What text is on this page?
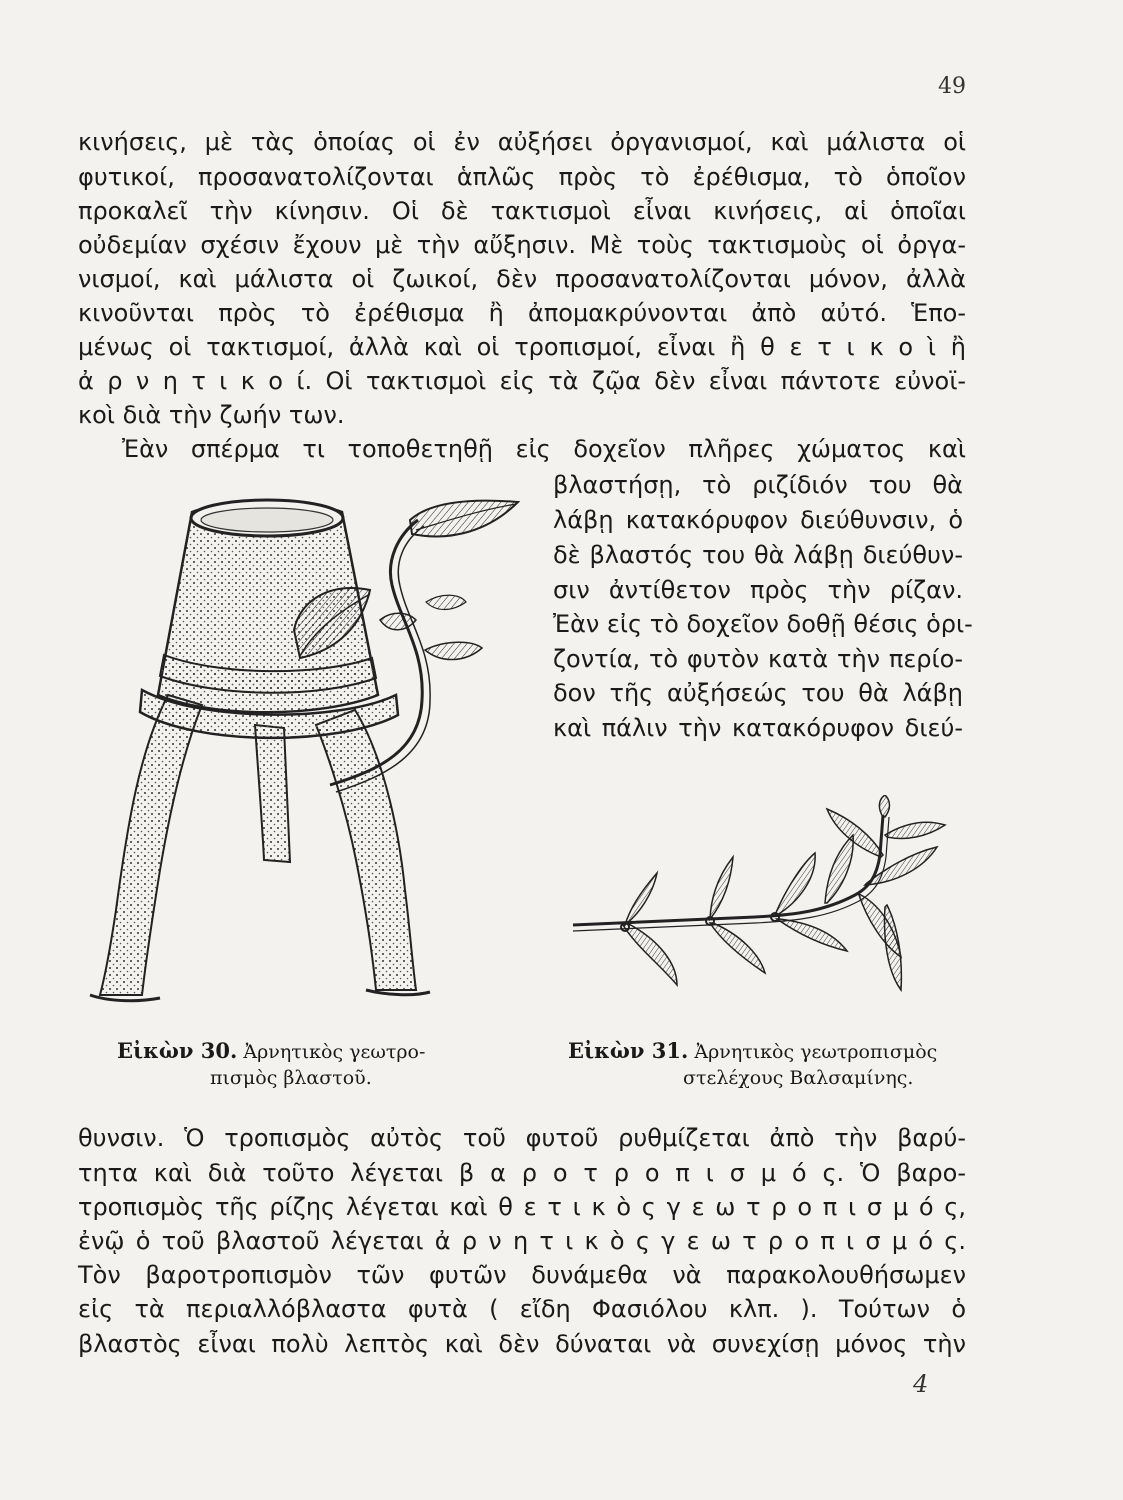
49

κινήσεις, μὲ τὰς ὁποίας οἱ ἐν αὐξήσει ὀργανισμοί, καὶ μάλιστα οἱ

φυτικοί, προσανατολίζονται ἁπλῶς πρὸς τὸ ἐρέθισμα, τὸ ὁποῖον

προκαλεῖ τὴν κίνησιν. Οἱ δὲ τακτισμοὶ εἶναι κινήσεις, αἱ ὁποῖαι

οὐδεμίαν σχέσιν ἔχουν μὲ τὴν αὔξησιν. Μὲ τοὺς τακτισμοὺς οἱ ὀργα-

νισμοί, καὶ μάλιστα οἱ ζωικοί, δὲν προσανατολίζονται μόνον, ἀλλὰ

κινοῦνται πρὸς τὸ ἐρέθισμα ἢ ἀπομακρύνονται ἀπὸ αὐτό. Ἑπο-

μένως οἱ τακτισμοί, ἀλλὰ καὶ οἱ τροπισμοί, εἶναι ἢ θ ε τ ι κ ο ὶ ἢ

ἀ ρ ν η τ ι κ ο ί. Οἱ τακτισμοὶ εἰς τὰ ζῷα δὲν εἶναι πάντοτε εὐνοϊ-

κοὶ διὰ τὴν ζωήν των.

Ἐὰν σπέρμα τι τοποθετηθῇ εἰς δοχεῖον πλῆρες χώματος καὶ

βλαστήσῃ, τὸ ριζίδιόν του θὰ

λάβῃ κατακόρυφον διεύθυνσιν, ὁ

δὲ βλαστός του θὰ λάβῃ διεύθυν-

σιν ἀντίθετον πρὸς τὴν ρίζαν.

Ἐὰν εἰς τὸ δοχεῖον δοθῇ θέσις ὁρι-

ζοντία, τὸ φυτὸν κατὰ τὴν περίο-

δον τῆς αὐξήσεώς του θὰ λάβῃ

καὶ πάλιν τὴν κατακόρυφον διεύ-

Εἰκὼν 30. Ἀρνητικὸς γεωτρο-
πισμὸς βλαστοῦ.
Εἰκὼν 31. Ἀρνητικὸς γεωτροπισμὸς
στελέχους Βαλσαμίνης.

θυνσιν. Ὁ τροπισμὸς αὐτὸς τοῦ φυτοῦ ρυθμίζεται ἀπὸ τὴν βαρύ-

τητα καὶ διὰ τοῦτο λέγεται β α ρ ο τ ρ ο π ι σ μ ό ς. Ὁ βαρο-

τροπισμὸς τῆς ρίζης λέγεται καὶ θ ε τ ι κ ὸ ς γ ε ω τ ρ ο π ι σ μ ό ς,

ἐνῷ ὁ τοῦ βλαστοῦ λέγεται ἀ ρ ν η τ ι κ ὸ ς γ ε ω τ ρ ο π ι σ μ ό ς.

Τὸν βαροτροπισμὸν τῶν φυτῶν δυνάμεθα νὰ παρακολουθήσωμεν

εἰς τὰ περιαλλόβλαστα φυτὰ ( εἴδη Φασιόλου κλπ. ). Τούτων ὁ

βλαστὸς εἶναι πολὺ λεπτὸς καὶ δὲν δύναται νὰ συνεχίσῃ μόνος τὴν

4
